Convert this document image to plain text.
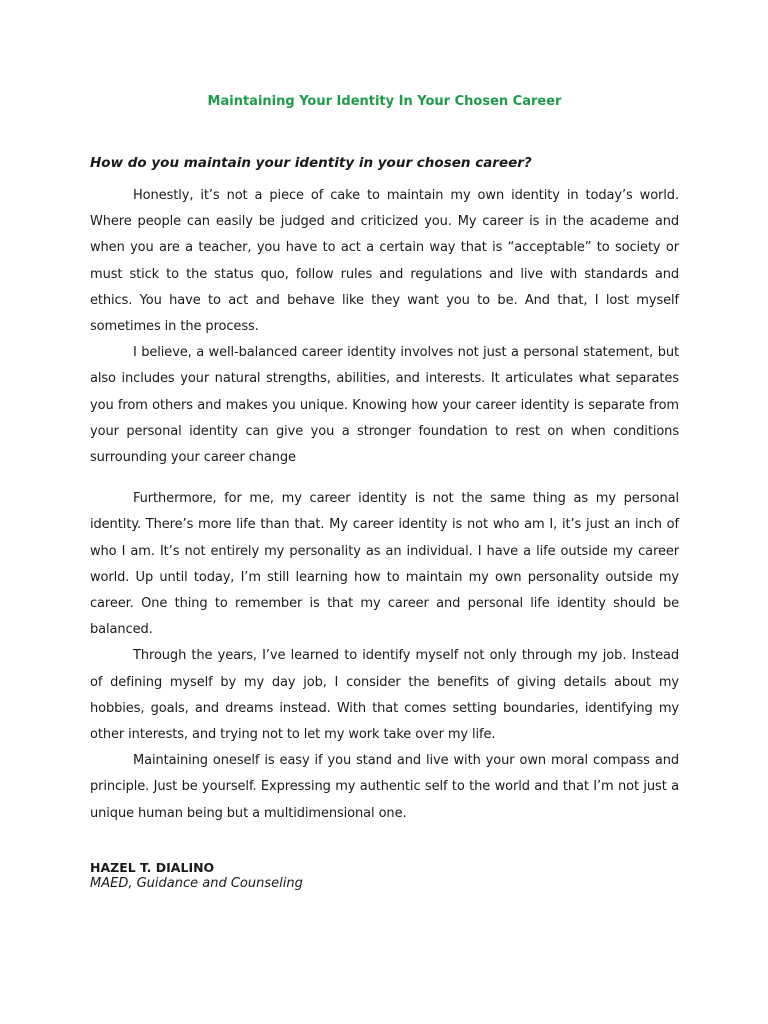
Maintaining Your Identity In Your Chosen Career

How do you maintain your identity in your chosen career?

Honestly, it’s not a piece of cake to maintain my own identity in today’s world. Where people can easily be judged and criticized you. My career is in the academe and when you are a teacher, you have to act a certain way that is “acceptable” to society or must stick to the status quo, follow rules and regulations and live with standards and ethics. You have to act and behave like they want you to be. And that, I lost myself sometimes in the process.

I believe, a well-balanced career identity involves not just a personal statement, but also includes your natural strengths, abilities, and interests. It articulates what separates you from others and makes you unique. Knowing how your career identity is separate from your personal identity can give you a stronger foundation to rest on when conditions surrounding your career change

Furthermore, for me, my career identity is not the same thing as my personal identity. There’s more life than that. My career identity is not who am I, it’s just an inch of who I am. It’s not entirely my personality as an individual. I have a life outside my career world. Up until today, I’m still learning how to maintain my own personality outside my career. One thing to remember is that my career and personal life identity should be balanced.

Through the years, I’ve learned to identify myself not only through my job. Instead of defining myself by my day job, I consider the benefits of giving details about my hobbies, goals, and dreams instead. With that comes setting boundaries, identifying my other interests, and trying not to let my work take over my life.

Maintaining oneself is easy if you stand and live with your own moral compass and principle. Just be yourself. Expressing my authentic self to the world and that I’m not just a unique human being but a multidimensional one.

HAZEL T. DIALINO

MAED, Guidance and Counseling
